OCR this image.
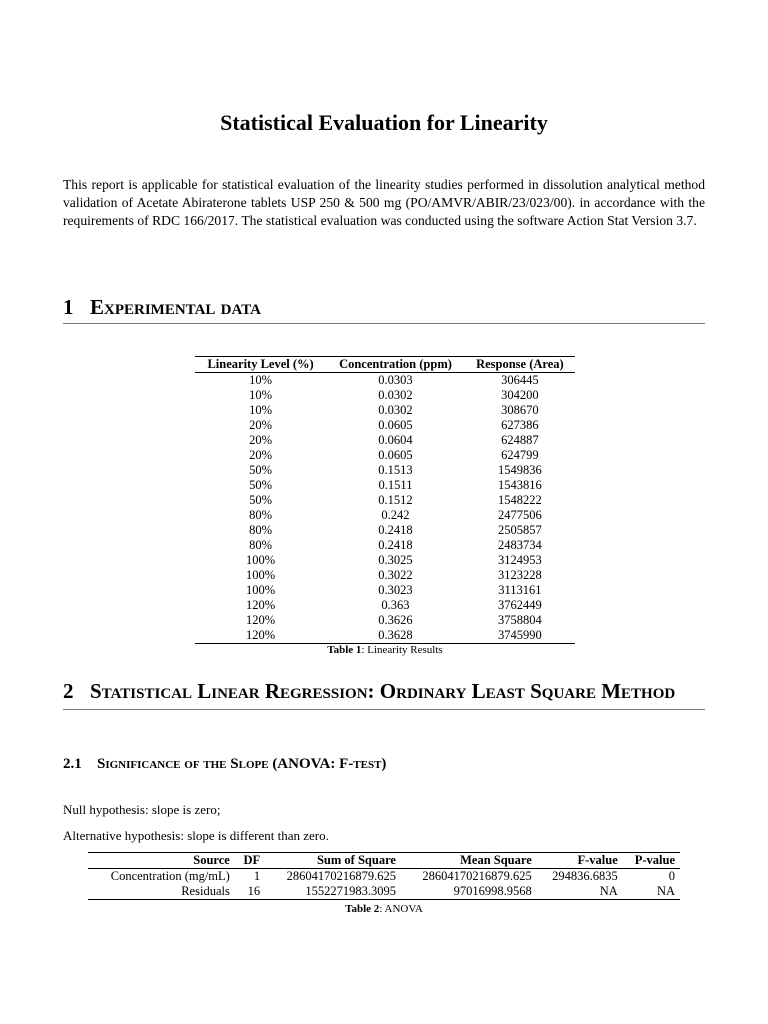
Statistical Evaluation for Linearity

This report is applicable for statistical evaluation of the linearity studies performed in dissolution analytical method validation of Acetate Abiraterone tablets USP 250 & 500 mg (PO/AMVR/ABIR/23/023/00). in accordance with the requirements of RDC 166/2017. The statistical evaluation was conducted using the software Action Stat Version 3.7.

1 Experimental data
Linearity Level (%)	Concentration (ppm)	Response (Area)
10%	0.0303	306445
10%	0.0302	304200
10%	0.0302	308670
20%	0.0605	627386
20%	0.0604	624887
20%	0.0605	624799
50%	0.1513	1549836
50%	0.1511	1543816
50%	0.1512	1548222
80%	0.242	2477506
80%	0.2418	2505857
80%	0.2418	2483734
100%	0.3025	3124953
100%	0.3022	3123228
100%	0.3023	3113161
120%	0.363	3762449
120%	0.3626	3758804
120%	0.3628	3745990
Table 1: Linearity Results
2 Statistical Linear Regression: Ordinary Least Square Method
2.1 Significance of the Slope (ANOVA: F-test)

Null hypothesis: slope is zero;

Alternative hypothesis: slope is different than zero.

Source	DF	Sum of Square	Mean Square	F-value	P-value
Concentration (mg/mL)	1	28604170216879.625	28604170216879.625	294836.6835	0
Residuals	16	1552271983.3095	97016998.9568	NA	NA
Table 2: ANOVA
